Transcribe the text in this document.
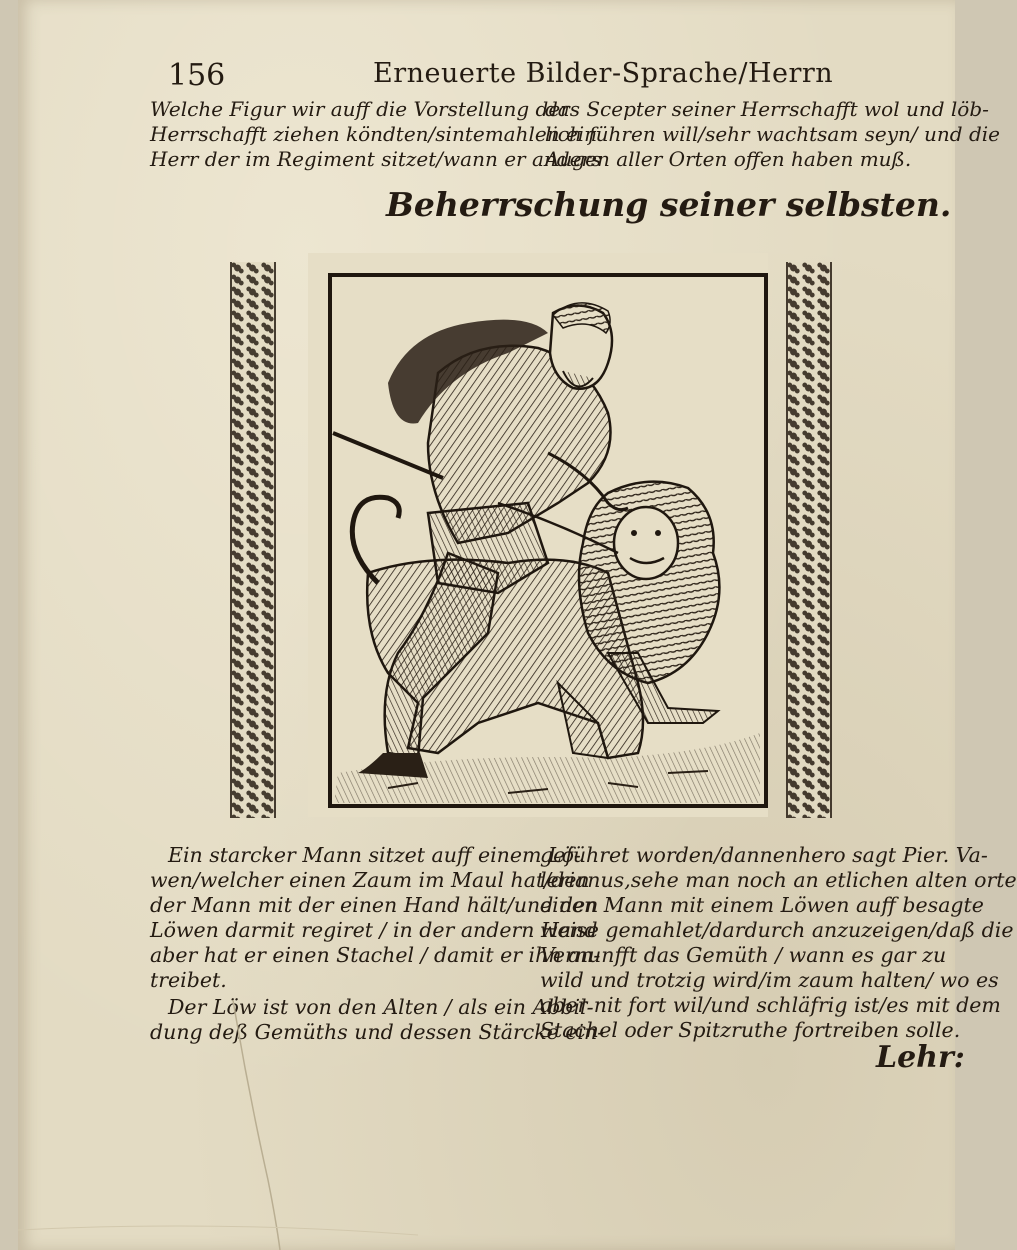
156	Erneuerte Bilder-Sprache/Herrn
Welche Figur wir auff die Vorstellung der
Herrschafft ziehen köndten/sintemahlen ein
Herr der im Regiment sitzet/wann er anders
das Scepter seiner Herrschafft wol und löb-
lich führen will/sehr wachtsam seyn/ und die
Augen aller Orten offen haben muß.
Beherrschung seiner selbsten.
Ein starcker Mann sitzet auff einem Lö-
wen/welcher einen Zaum im Maul hat/den
der Mann mit der einen Hand hält/und den
Löwen darmit regiret / in der andern Hand
aber hat er einen Stachel / damit er ihn an-
treibet.
Der Löw ist von den Alten / als ein Abbil-
dung deß Gemüths und dessen Stärcke ein-
geführet worden/dannenhero sagt Pier. Va-
lerianus,sehe man noch an etlichen alten orte
einen Mann mit einem Löwen auff besagte
weise gemahlet/dardurch anzuzeigen/daß die
Vernunfft das Gemüth / wann es gar zu
wild und trotzig wird/im zaum halten/ wo es
aber nit fort wil/und schläfrig ist/es mit dem
Stachel oder Spitzruthe fortreiben solle.
Lehr:
